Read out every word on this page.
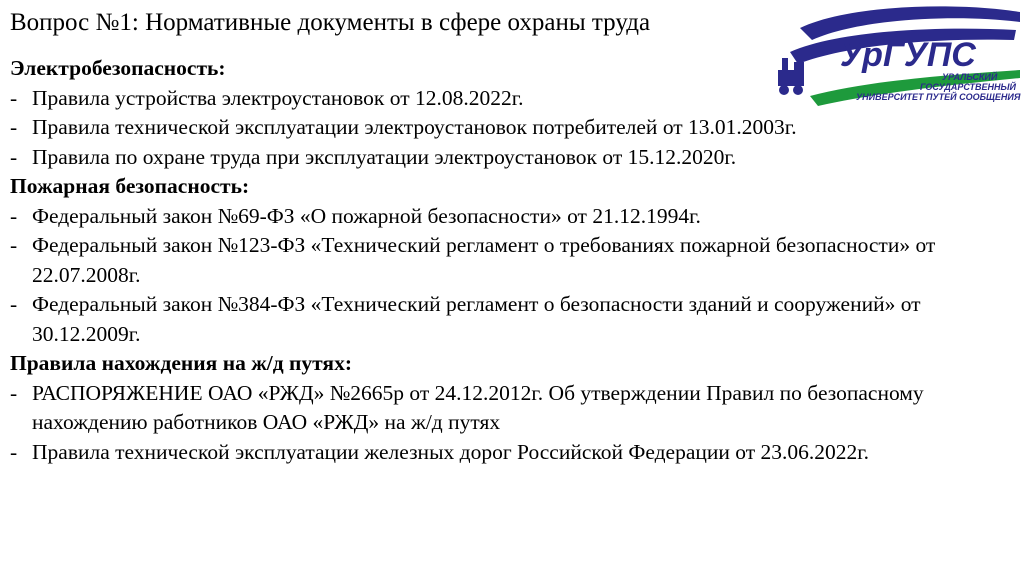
Вопрос №1: Нормативные документы в сфере охраны труда
УрГУПС
УРАЛЬСКИЙ
ГОСУДАРСТВЕННЫЙ
УНИВЕРСИТЕТ ПУТЕЙ СООБЩЕНИЯ

Электробезопасность:

- Правила устройства электроустановок от 12.08.2022г.

- Правила технической эксплуатации электроустановок потребителей от 13.01.2003г.

- Правила по охране труда при эксплуатации электроустановок от 15.12.2020г.

Пожарная безопасность:

- Федеральный закон №69-ФЗ «О пожарной безопасности» от 21.12.1994г.

- Федеральный закон №123-ФЗ «Технический регламент о требованиях пожарной безопасности» от 22.07.2008г.

- Федеральный закон №384-ФЗ «Технический регламент о безопасности зданий и сооружений» от 30.12.2009г.

Правила нахождения на ж/д путях:

- РАСПОРЯЖЕНИЕ ОАО «РЖД» №2665р от 24.12.2012г. Об утверждении Правил по безопасному нахождению работников ОАО «РЖД» на ж/д путях

- Правила технической эксплуатации железных дорог Российской Федерации от 23.06.2022г.
